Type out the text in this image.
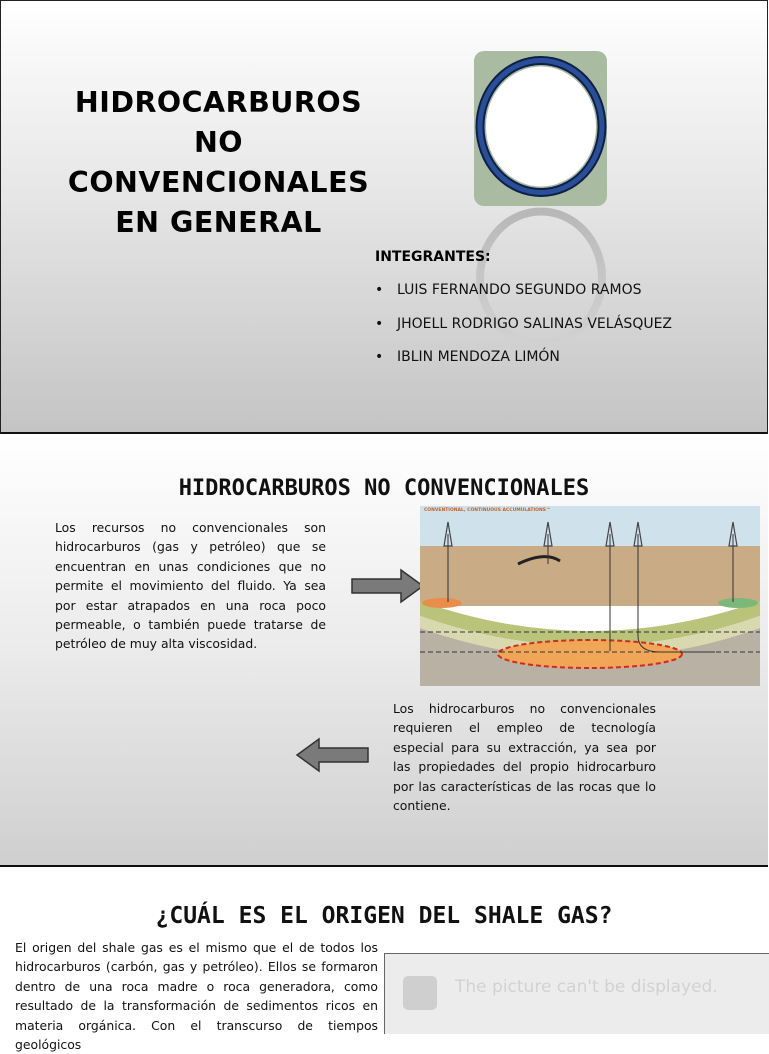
HIDROCARBUROS
NO
CONVENCIONALES
EN GENERAL
INTEGRANTES:
• LUIS FERNANDO SEGUNDO RAMOS
• JHOELL RODRIGO SALINAS VELÁSQUEZ
• IBLIN MENDOZA LIMÓN
HIDROCARBUROS NO CONVENCIONALES
Los recursos no convencionales son hidrocarburos (gas y petróleo) que se encuentran en unas condiciones que no permite el movimiento del fluido. Ya sea por estar atrapados en una roca poco permeable, o también puede tratarse de petróleo de muy alta viscosidad.
CONVENTIONAL, CONTINUOUS ACCUMULATIONS™
Los hidrocarburos no convencionales requieren el empleo de tecnología especial para su extracción, ya sea por las propiedades del propio hidrocarburo por las características de las rocas que lo contiene.
¿CUÁL ES EL ORIGEN DEL SHALE GAS?
El origen del shale gas es el mismo que el de todos los hidrocarburos (carbón, gas y petróleo). Ellos se formaron dentro de una roca madre o roca generadora, como resultado de la transformación de sedimentos ricos en materia orgánica. Con el transcurso de tiempos geológicos
The picture can't be displayed.
